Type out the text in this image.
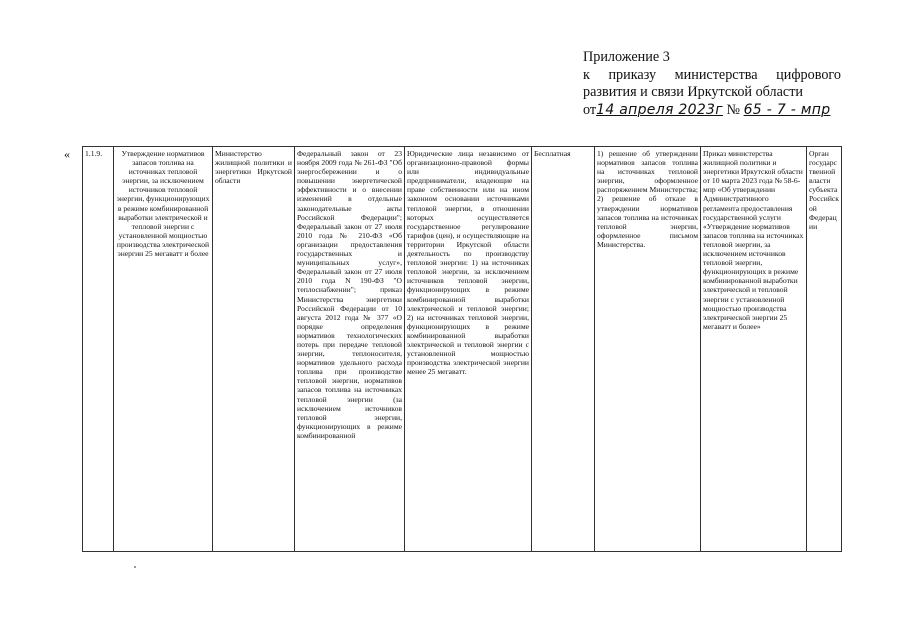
Приложение 3
к приказу министерства цифрового
развития и связи Иркутской области
от14 апреля 2023г № 65 - 7 - мпр
« 1.1.9.	Утверждение нормативов запасов топлива на источниках тепловой энергии, за исключением источников тепловой энергии, функционирующих в режиме комбинированной выработки электрической и тепловой энергии с установленной мощностью производства электрической энергии 25 мегаватт и более	Министерство жилищной политики и энергетики Иркутской области	Федеральный закон от 23 ноября 2009 года № 261-ФЗ "Об энергосбережении и о повышении энергетической эффективности и о внесении изменений в отдельные законодательные акты Российской Федерации"; Федеральный закон от 27 июля 2010 года № 210-ФЗ «Об организации предоставления государственных и муниципальных услуг», Федеральный закон от 27 июля 2010 года N 190-ФЗ "О теплоснабжении"; приказ Министерства энергетики Российской Федерации от 10 августа 2012 года № 377 «О порядке определения нормативов технологических потерь при передаче тепловой энергии, теплоносителя, нормативов удельного расхода топлива при производстве тепловой энергии, нормативов запасов топлива на источниках тепловой энергии (за исключением источников тепловой энергии, функционирующих в режиме комбинированной	Юридические лица независимо от организационно-правовой формы или индивидуальные предприниматели, владеющие на праве собственности или на ином законном основании источниками тепловой энергии, в отношении которых осуществляется государственное регулирование тарифов (цен), и осуществляющие на территории Иркутской области деятельность по производству тепловой энергии: 1) на источниках тепловой энергии, за исключением источников тепловой энергии, функционирующих в режиме комбинированной выработки электрической и тепловой энергии; 2) на источниках тепловой энергии, функционирующих в режиме комбинированной выработки электрической и тепловой энергии с установленной мощностью производства электрической энергии менее 25 мегаватт.	Бесплатная	1) решение об утверждении нормативов запасов топлива на источниках тепловой энергии, оформленное распоряжением Министерства; 2) решение об отказе в утверждении нормативов запасов топлива на источниках тепловой энергии, оформленное письмом Министерства.	Приказ министерства жилищной политики и энергетики Иркутской области от 10 марта 2023 года № 58-6-мпр «Об утверждении Административного регламента предоставления государственной услуги «Утверждение нормативов запасов топлива на источниках тепловой энергии, за исключением источников тепловой энергии, функционирующих в режиме комбинированной выработки электрической и тепловой энергии с установленной мощностью производства электрической энергии 25 мегаватт и более»	Орган государс твенной власти субъекта Российск ой Федерац ии
